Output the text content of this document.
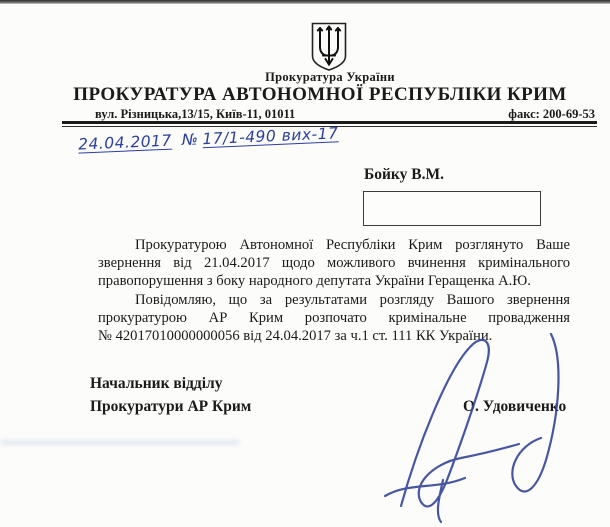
Прокуратура України
ПРОКУРАТУРА АВТОНОМНОЇ РЕСПУБЛІКИ КРИМ
вул. Різницька,13/15, Київ-11, 01011	факс: 200-69-53
24.04.2017 № 17/1-490 вих-17
Бойку В.М.
Прокуратурою Автономної Республіки Крим розглянуто Ваше
звернення від 21.04.2017 щодо можливого вчинення кримінального
правопорушення з боку народного депутата України Геращенка А.Ю.
Повідомляю, що за результатами розгляду Вашого звернення
прокуратурою АР Крим розпочато кримінальне провадження
№ 42017010000000056 від 24.04.2017 за ч.1 ст. 111 КК України.
Начальник відділу
Прокуратури АР Крим	О. Удовиченко
